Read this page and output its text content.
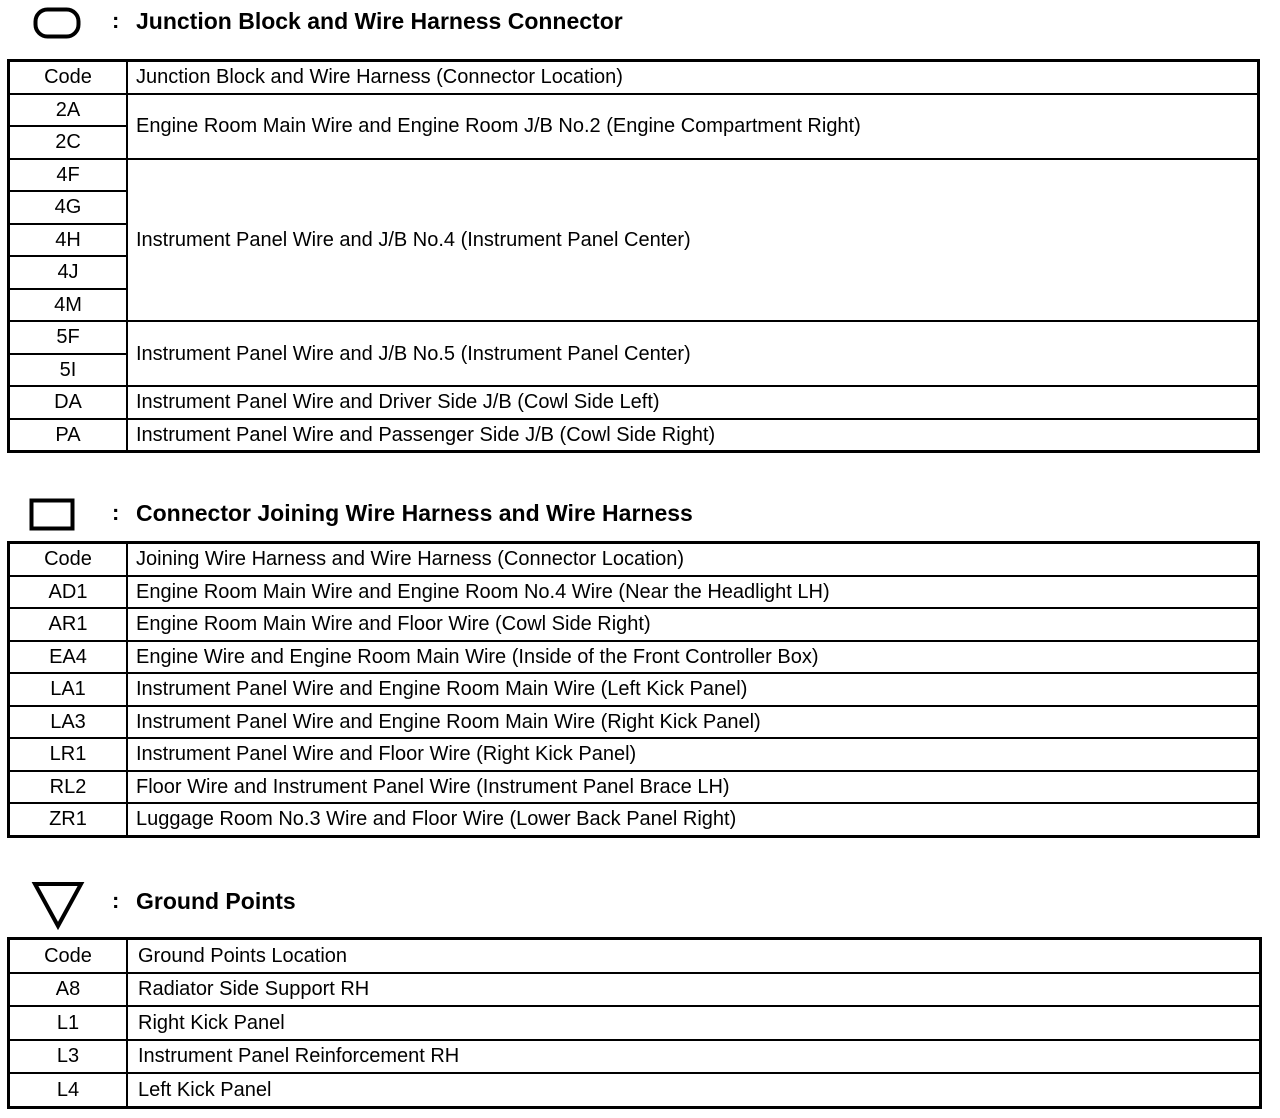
: Junction Block and Wire Harness Connector
Code	Junction Block and Wire Harness (Connector Location)
2A	Engine Room Main Wire and Engine Room J/B No.2 (Engine Compartment Right)
2C	
4F	Instrument Panel Wire and J/B No.4 (Instrument Panel Center)
4G	
4H	
4J	
4M	
5F	Instrument Panel Wire and J/B No.5 (Instrument Panel Center)
5I	
DA	Instrument Panel Wire and Driver Side J/B (Cowl Side Left)
PA	Instrument Panel Wire and Passenger Side J/B (Cowl Side Right)
: Connector Joining Wire Harness and Wire Harness
Code	Joining Wire Harness and Wire Harness (Connector Location)
AD1	Engine Room Main Wire and Engine Room No.4 Wire (Near the Headlight LH)
AR1	Engine Room Main Wire and Floor Wire (Cowl Side Right)
EA4	Engine Wire and Engine Room Main Wire (Inside of the Front Controller Box)
LA1	Instrument Panel Wire and Engine Room Main Wire (Left Kick Panel)
LA3	Instrument Panel Wire and Engine Room Main Wire (Right Kick Panel)
LR1	Instrument Panel Wire and Floor Wire (Right Kick Panel)
RL2	Floor Wire and Instrument Panel Wire (Instrument Panel Brace LH)
ZR1	Luggage Room No.3 Wire and Floor Wire (Lower Back Panel Right)
: Ground Points
Code	Ground Points Location
A8	Radiator Side Support RH
L1	Right Kick Panel
L3	Instrument Panel Reinforcement RH
L4	Left Kick Panel
